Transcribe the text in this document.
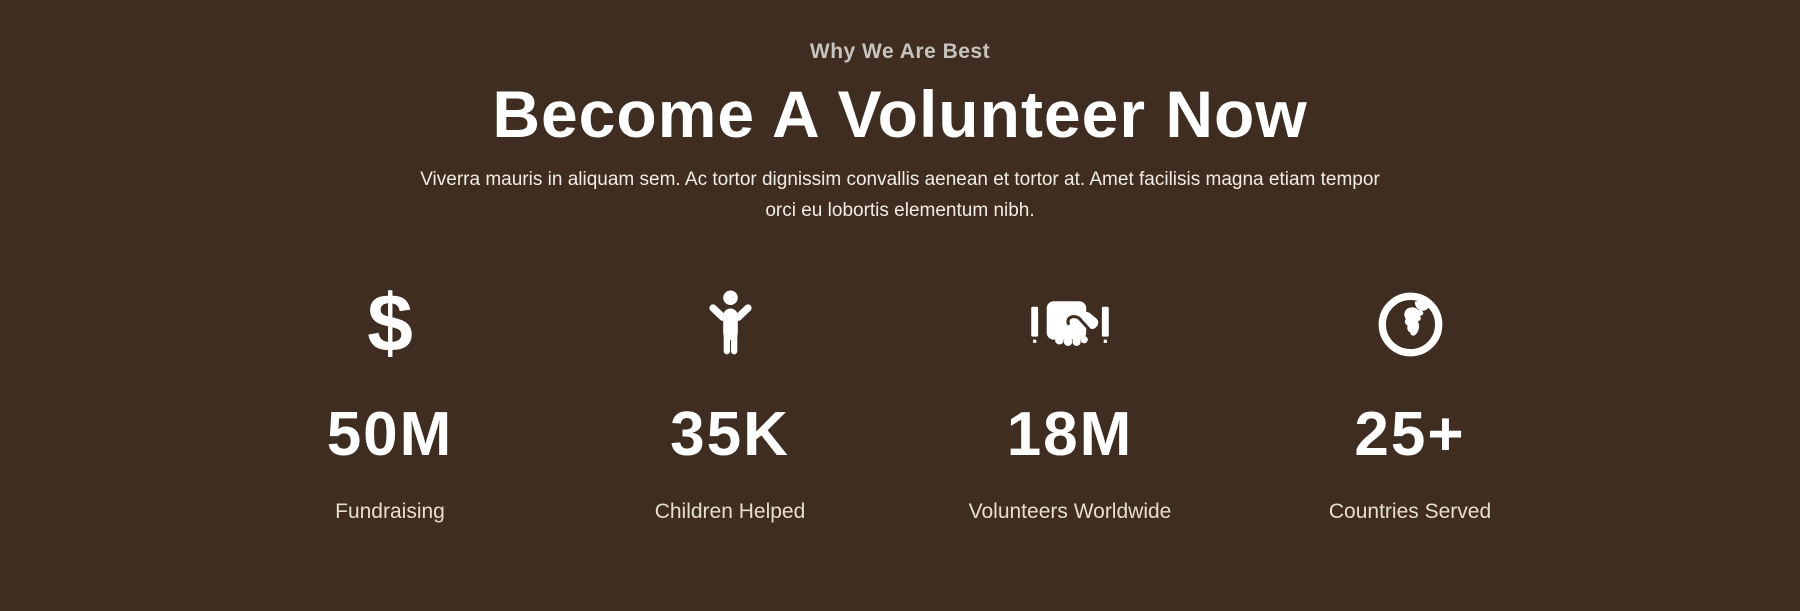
Why We Are Best
Become A Volunteer Now

Viverra mauris in aliquam sem. Ac tortor dignissim convallis aenean et tortor at. Amet facilisis magna etiam tempor orci eu lobortis elementum nibh.

$
50M
Fundraising
35K
Children Helped
18M
Volunteers Worldwide
25+
Countries Served
